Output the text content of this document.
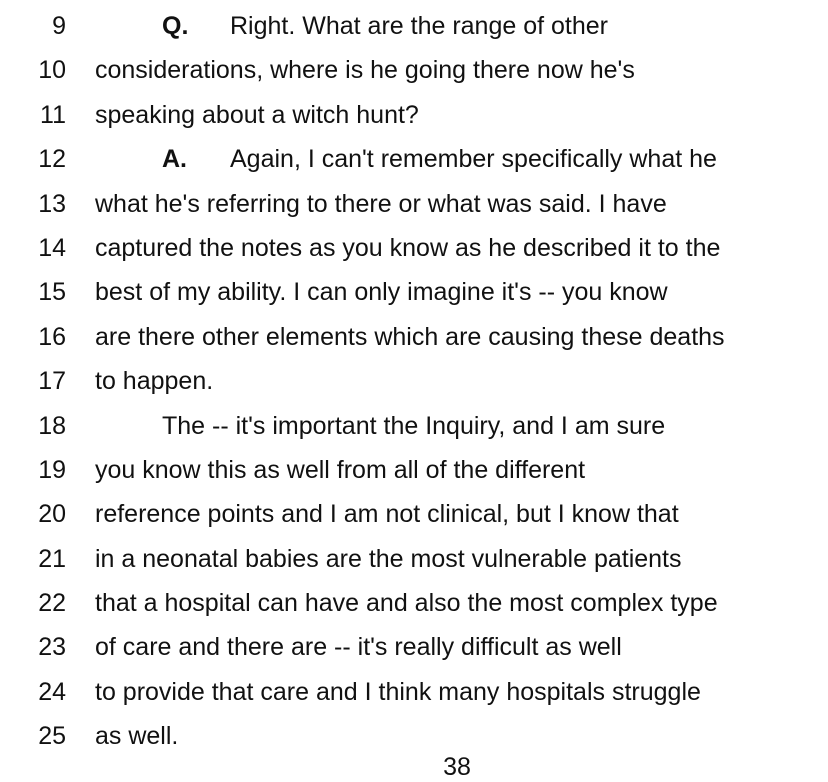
9	Q. Right. What are the range of other
10 considerations, where is he going there now he's
11 speaking about a witch hunt?
12	A. Again, I can't remember specifically what he
13 what he's referring to there or what was said. I have
14 captured the notes as you know as he described it to the
15 best of my ability. I can only imagine it's -- you know
16 are there other elements which are causing these deaths
17 to happen.
18	The -- it's important the Inquiry, and I am sure
19 you know this as well from all of the different
20 reference points and I am not clinical, but I know that
21 in a neonatal babies are the most vulnerable patients
22 that a hospital can have and also the most complex type
23 of care and there are -- it's really difficult as well
24 to provide that care and I think many hospitals struggle
25 as well.
38
